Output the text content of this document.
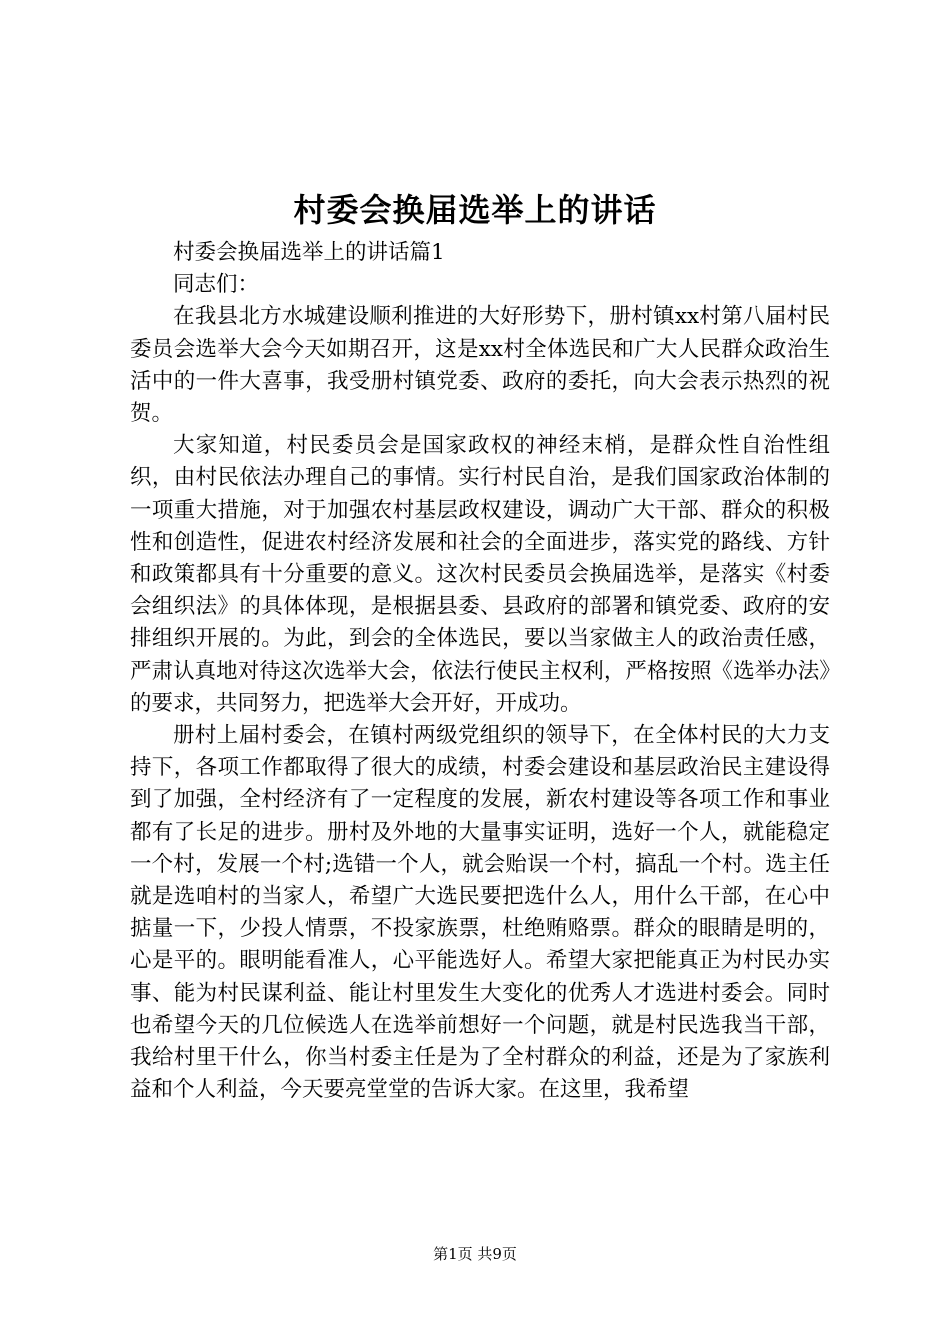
村委会换届选举上的讲话

村委会换届选举上的讲话篇1

同志们：

在我县北方水城建设顺利推进的大好形势下，册村镇xx村第八届村民委员会选举大会今天如期召开，这是xx村全体选民和广大人民群众政治生活中的一件大喜事，我受册村镇党委、政府的委托，向大会表示热烈的祝贺。

大家知道，村民委员会是国家政权的神经末梢，是群众性自治性组织，由村民依法办理自己的事情。实行村民自治，是我们国家政治体制的一项重大措施，对于加强农村基层政权建设，调动广大干部、群众的积极性和创造性，促进农村经济发展和社会的全面进步，落实党的路线、方针和政策都具有十分重要的意义。这次村民委员会换届选举，是落实《村委会组织法》的具体体现，是根据县委、县政府的部署和镇党委、政府的安排组织开展的。为此，到会的全体选民，要以当家做主人的政治责任感，严肃认真地对待这次选举大会，依法行使民主权利，严格按照《选举办法》的要求，共同努力，把选举大会开好，开成功。

册村上届村委会，在镇村两级党组织的领导下，在全体村民的大力支持下，各项工作都取得了很大的成绩，村委会建设和基层政治民主建设得到了加强，全村经济有了一定程度的发展，新农村建设等各项工作和事业都有了长足的进步。册村及外地的大量事实证明，选好一个人，就能稳定一个村，发展一个村;选错一个人，就会贻误一个村，搞乱一个村。选主任就是选咱村的当家人，希望广大选民要把选什么人，用什么干部，在心中掂量一下，少投人情票，不投家族票，杜绝贿赂票。群众的眼睛是明的，心是平的。眼明能看准人，心平能选好人。希望大家把能真正为村民办实事、能为村民谋利益、能让村里发生大变化的优秀人才选进村委会。同时也希望今天的几位候选人在选举前想好一个问题，就是村民选我当干部，我给村里干什么，你当村委主任是为了全村群众的利益，还是为了家族利益和个人利益，今天要亮堂堂的告诉大家。在这里，我希望

第1页 共9页
